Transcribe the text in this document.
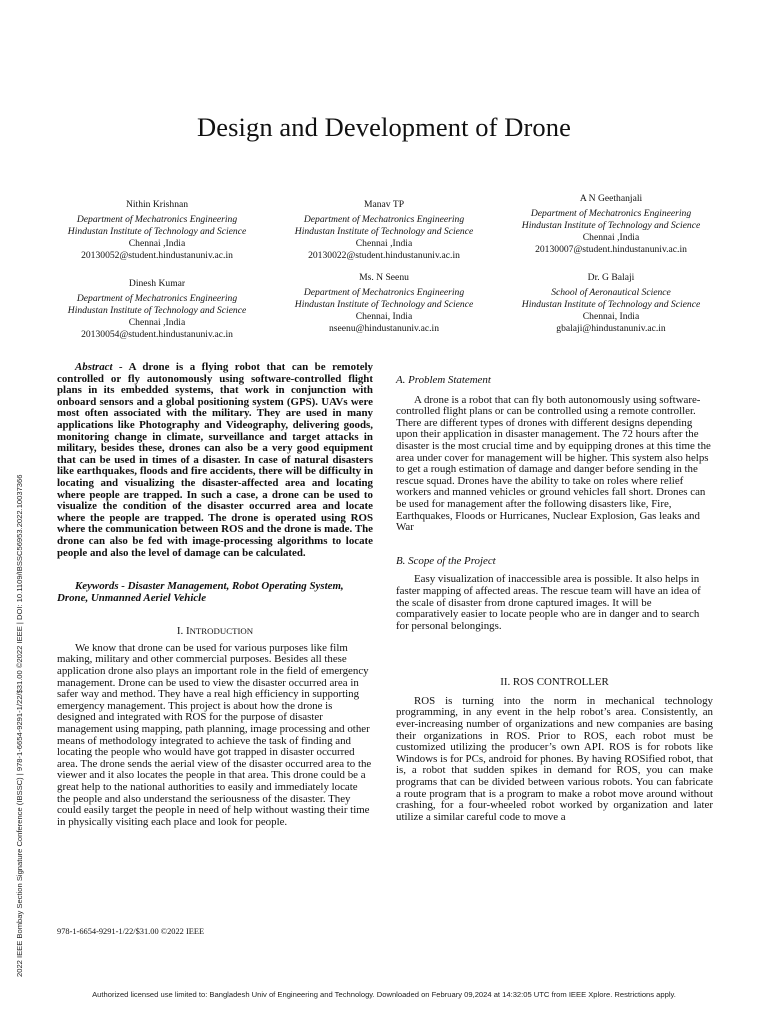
Design and Development of Drone
Nithin Krishnan
Department of Mechatronics Engineering
Hindustan Institute of Technology and Science
Chennai ,India
20130052@student.hindustanuniv.ac.in
Manav TP
Department of Mechatronics Engineering
Hindustan Institute of Technology and Science
Chennai ,India
20130022@student.hindustanuniv.ac.in
A N Geethanjali
Department of Mechatronics Engineering
Hindustan Institute of Technology and Science
Chennai ,India
20130007@student.hindustanuniv.ac.in
Dinesh Kumar
Department of Mechatronics Engineering
Hindustan Institute of Technology and Science
Chennai ,India
20130054@student.hindustanuniv.ac.in
Ms. N Seenu
Department of Mechatronics Engineering
Hindustan Institute of Technology and Science
Chennai, India
nseenu@hindustanuniv.ac.in
Dr. G Balaji
School of Aeronautical Science
Hindustan Institute of Technology and Science
Chennai, India
gbalaji@hindustanuniv.ac.in
2022 IEEE Bombay Section Signature Conference (IBSSC) | 978-1-6654-9291-1/22/$31.00 ©2022 IEEE | DOI: 10.1109/IBSSC56953.2022.10037366

Abstract - A drone is a flying robot that can be remotely controlled or fly autonomously using software-controlled flight plans in its embedded systems, that work in conjunction with onboard sensors and a global positioning system (GPS). UAVs were most often associated with the military. They are used in many applications like Photography and Videography, delivering goods, monitoring change in climate, surveillance and target attacks in military, besides these, drones can also be a very good equipment that can be used in times of a disaster. In case of natural disasters like earthquakes, floods and fire accidents, there will be difficulty in locating and visualizing the disaster-affected area and locating where people are trapped. In such a case, a drone can be used to visualize the condition of the disaster occurred area and locate where the people are trapped. The drone is operated using ROS where the communication between ROS and the drone is made. The drone can also be fed with image-processing algorithms to locate people and also the level of damage can be calculated.

Keywords - Disaster Management, Robot Operating System, Drone, Unmanned Aeriel Vehicle

I. INTRODUCTION

We know that drone can be used for various purposes like film making, military and other commercial purposes. Besides all these application drone also plays an important role in the field of emergency management. Drone can be used to view the disaster occurred area in safer way and method. They have a real high efficiency in supporting emergency management. This project is about how the drone is designed and integrated with ROS for the purpose of disaster management using mapping, path planning, image processing and other means of methodology integrated to achieve the task of finding and locating the people who would have got trapped in disaster occurred area. The drone sends the aerial view of the disaster occurred area to the viewer and it also locates the people in that area. This drone could be a great help to the national authorities to easily and immediately locate the people and also understand the seriousness of the disaster. They could easily target the people in need of help without wasting their time in physically visiting each place and look for people.

A. Problem Statement

A drone is a robot that can fly both autonomously using software-controlled flight plans or can be controlled using a remote controller. There are different types of drones with different designs depending upon their application in disaster management. The 72 hours after the disaster is the most crucial time and by equipping drones at this time the area under cover for management will be higher. This system also helps to get a rough estimation of damage and danger before sending in the rescue squad. Drones have the ability to take on roles where relief workers and manned vehicles or ground vehicles fall short. Drones can be used for management after the following disasters like, Fire, Earthquakes, Floods or Hurricanes, Nuclear Explosion, Gas leaks and War

B. Scope of the Project

Easy visualization of inaccessible area is possible. It also helps in faster mapping of affected areas. The rescue team will have an idea of the scale of disaster from drone captured images. It will be comparatively easier to locate people who are in danger and to search for personal belongings.

II. ROS CONTROLLER

ROS is turning into the norm in mechanical technology programming, in any event in the help robot’s area. Consistently, an ever-increasing number of organizations and new companies are basing their organizations in ROS. Prior to ROS, each robot must be customized utilizing the producer’s own API. ROS is for robots like Windows is for PCs, android for phones. By having ROSified robot, that is, a robot that sudden spikes in demand for ROS, you can make programs that can be divided between various robots. You can fabricate a route program that is a program to make a robot move around without crashing, for a four-wheeled robot worked by organization and later utilize a similar careful code to move a

978-1-6654-9291-1/22/$31.00 ©2022 IEEE
Authorized licensed use limited to: Bangladesh Univ of Engineering and Technology. Downloaded on February 09,2024 at 14:32:05 UTC from IEEE Xplore. Restrictions apply.
